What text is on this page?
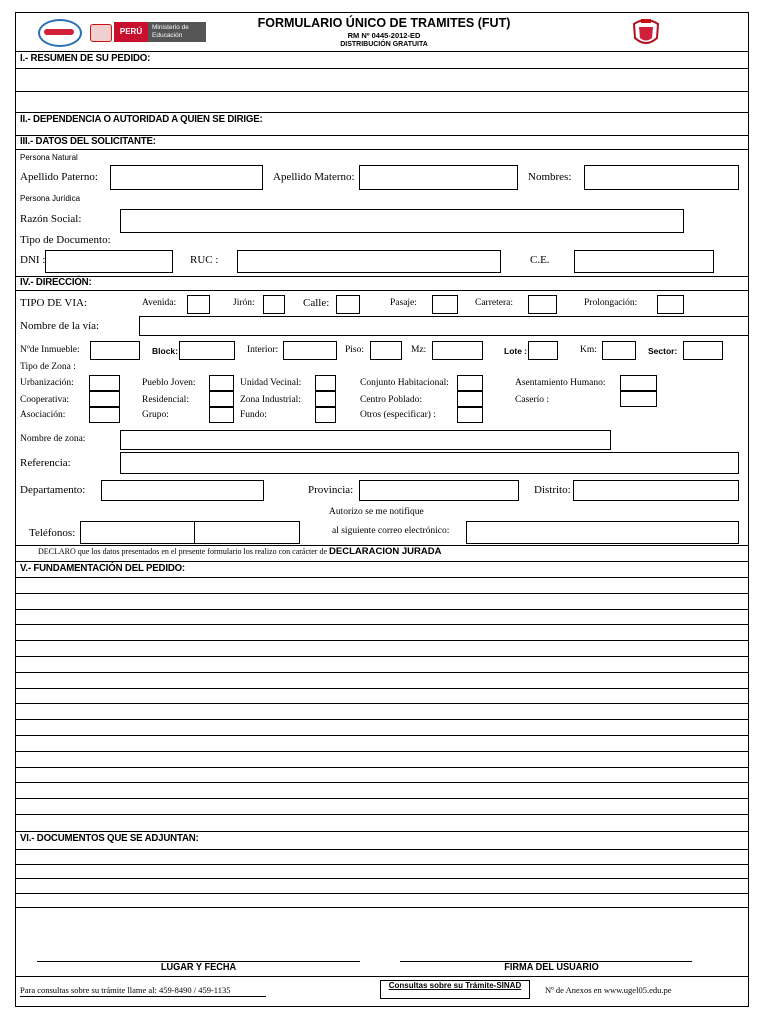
PERÚ	Ministerio de Educación
FORMULARIO ÚNICO DE TRAMITES (FUT)
RM Nº 0445-2012-ED
DISTRIBUCIÓN GRATUITA
I.- RESUMEN DE SU PEDIDO:
II.- DEPENDENCIA O AUTORIDAD A QUIEN SE DIRIGE:
III.- DATOS DEL SOLICITANTE:
Persona Natural
Apellido Paterno:	Apellido Materno:	Nombres:
Persona Jurídica
Razón Social:
Tipo de Documento:
DNI :	RUC :	C.E.
IV.- DIRECCIÓN:
TIPO DE VIA:	Avenida:	Jirón:	Calle:	Pasaje:	Carretera:	Prolongación:
Nombre de la vía:
Nºde Inmueble:	Block:	Interior:	Piso:	Mz:	Lote :	Km:	Sector:
Tipo de Zona :
Urbanización:	Pueblo Joven:	Unidad Vecinal:	Conjunto Habitacional:	Asentamiento Humano:
Cooperativa:	Residencial:	Zona Industrial:	Centro Poblado:	Caserío :
Asociación:	Grupo:	Fundo:	Otros (especificar) :
Nombre de zona:
Referencia:
Departamento:	Provincia:	Distrito:
Autorizo se me notifique
al siguiente correo electrónico:
Teléfonos:
DECLARO que los datos presentados en el presente formulario los realizo con carácter de DECLARACION JURADA
V.- FUNDAMENTACIÓN DEL PEDIDO:
VI.- DOCUMENTOS QUE SE ADJUNTAN:
LUGAR Y FECHA	FIRMA DEL USUARIO
Para consultas sobre su trámite llame al: 459-8490 / 459-1135	Consultas sobre su Trámite-SINAD	Nº de Anexos en www.ugel05.edu.pe
